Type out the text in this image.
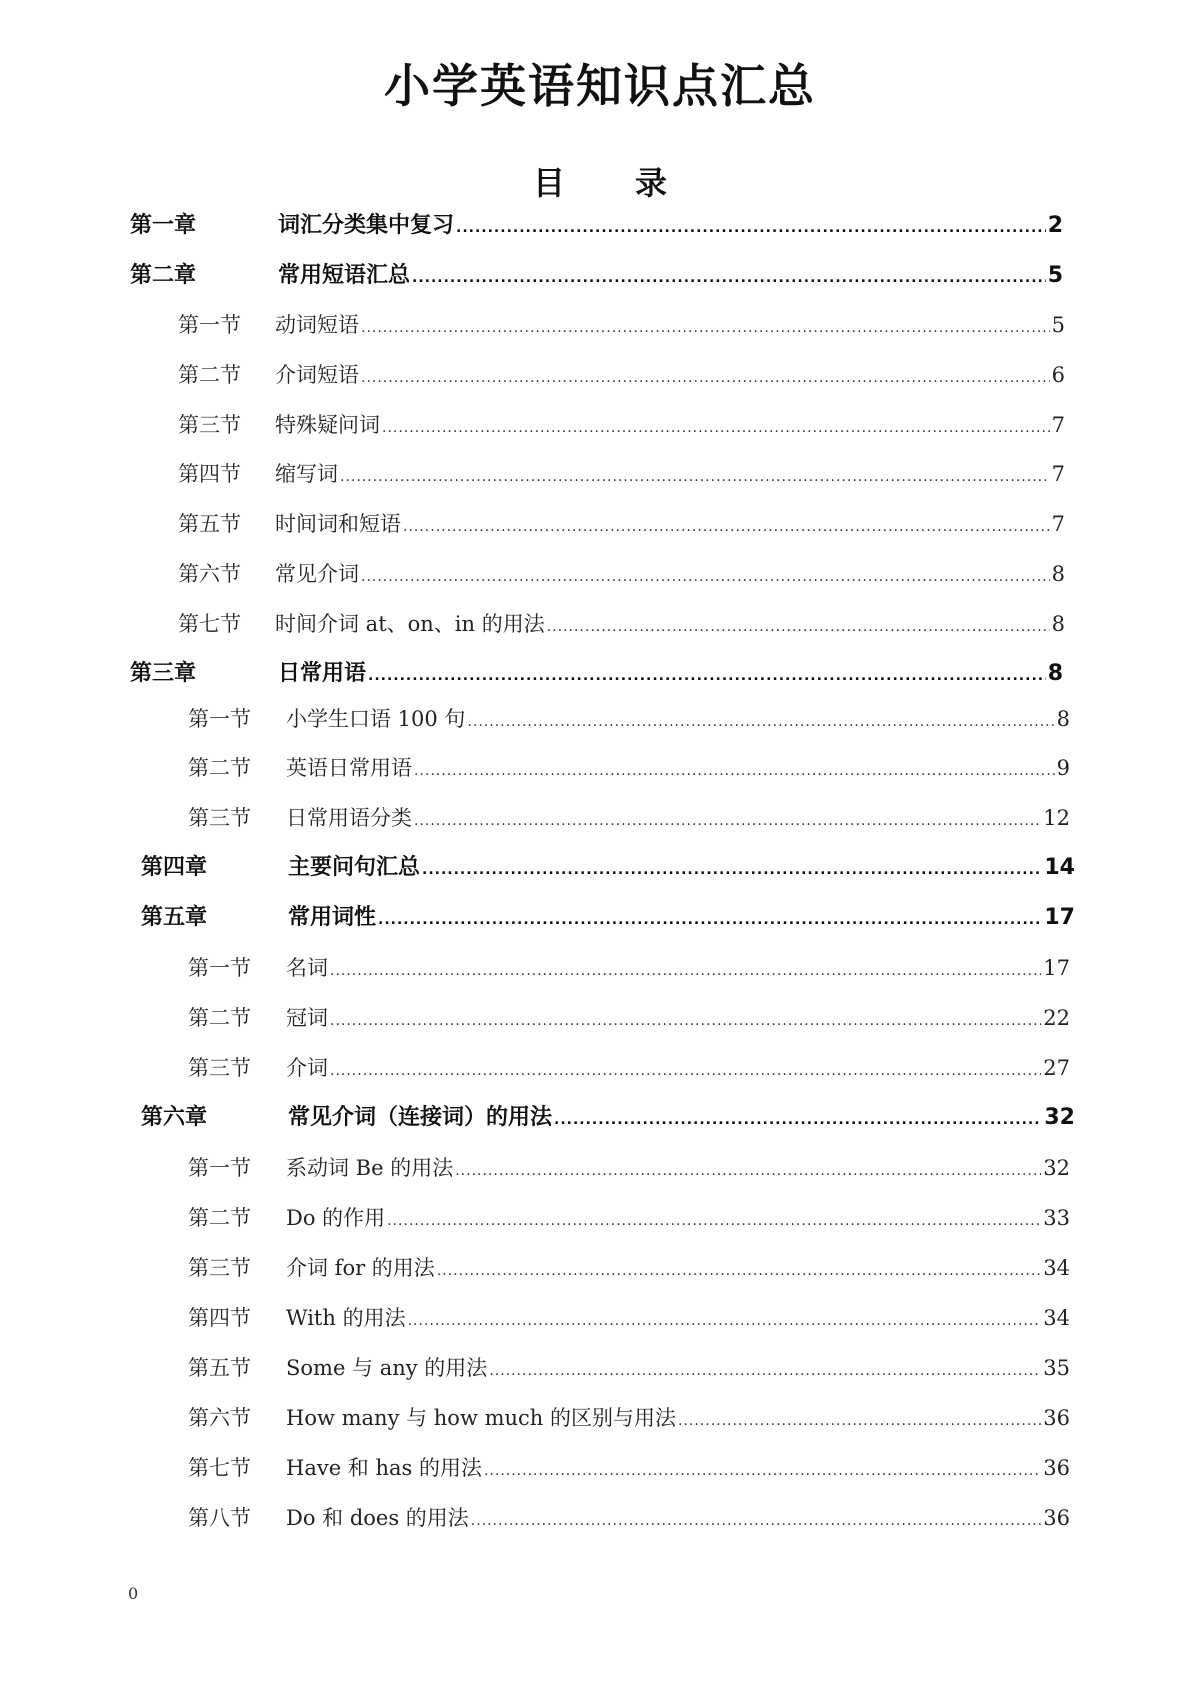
小学英语知识点汇总
目 录
第一章	词汇分类集中复习 .....	2
第二章	常用短语汇总 .....	5
第一节	动词短语 .....	5
第二节	介词短语 .....	6
第三节	特殊疑问词 .....	7
第四节	缩写词 .....	7
第五节	时间词和短语 .....	7
第六节	常见介词 .....	8
第七节	时间介词 at、on、in 的用法 .....	8
第三章	日常用语 .....	8
第一节	小学生口语 100 句 .....	8
第二节	英语日常用语 .....	9
第三节	日常用语分类 .....	12
第四章	主要问句汇总 .....	14
第五章	常用词性 .....	17
第一节	名词 .....	17
第二节	冠词 .....	22
第三节	介词 .....	27
第六章	常见介词（连接词）的用法 .....	32
第一节	系动词 Be 的用法 .....	32
第二节	Do 的作用 .....	33
第三节	介词 for 的用法 .....	34
第四节	With 的用法 .....	34
第五节	Some 与 any 的用法 .....	35
第六节	How many 与 how much 的区别与用法 .....	36
第七节	Have 和 has 的用法 .....	36
第八节	Do 和 does 的用法 .....	36
0
